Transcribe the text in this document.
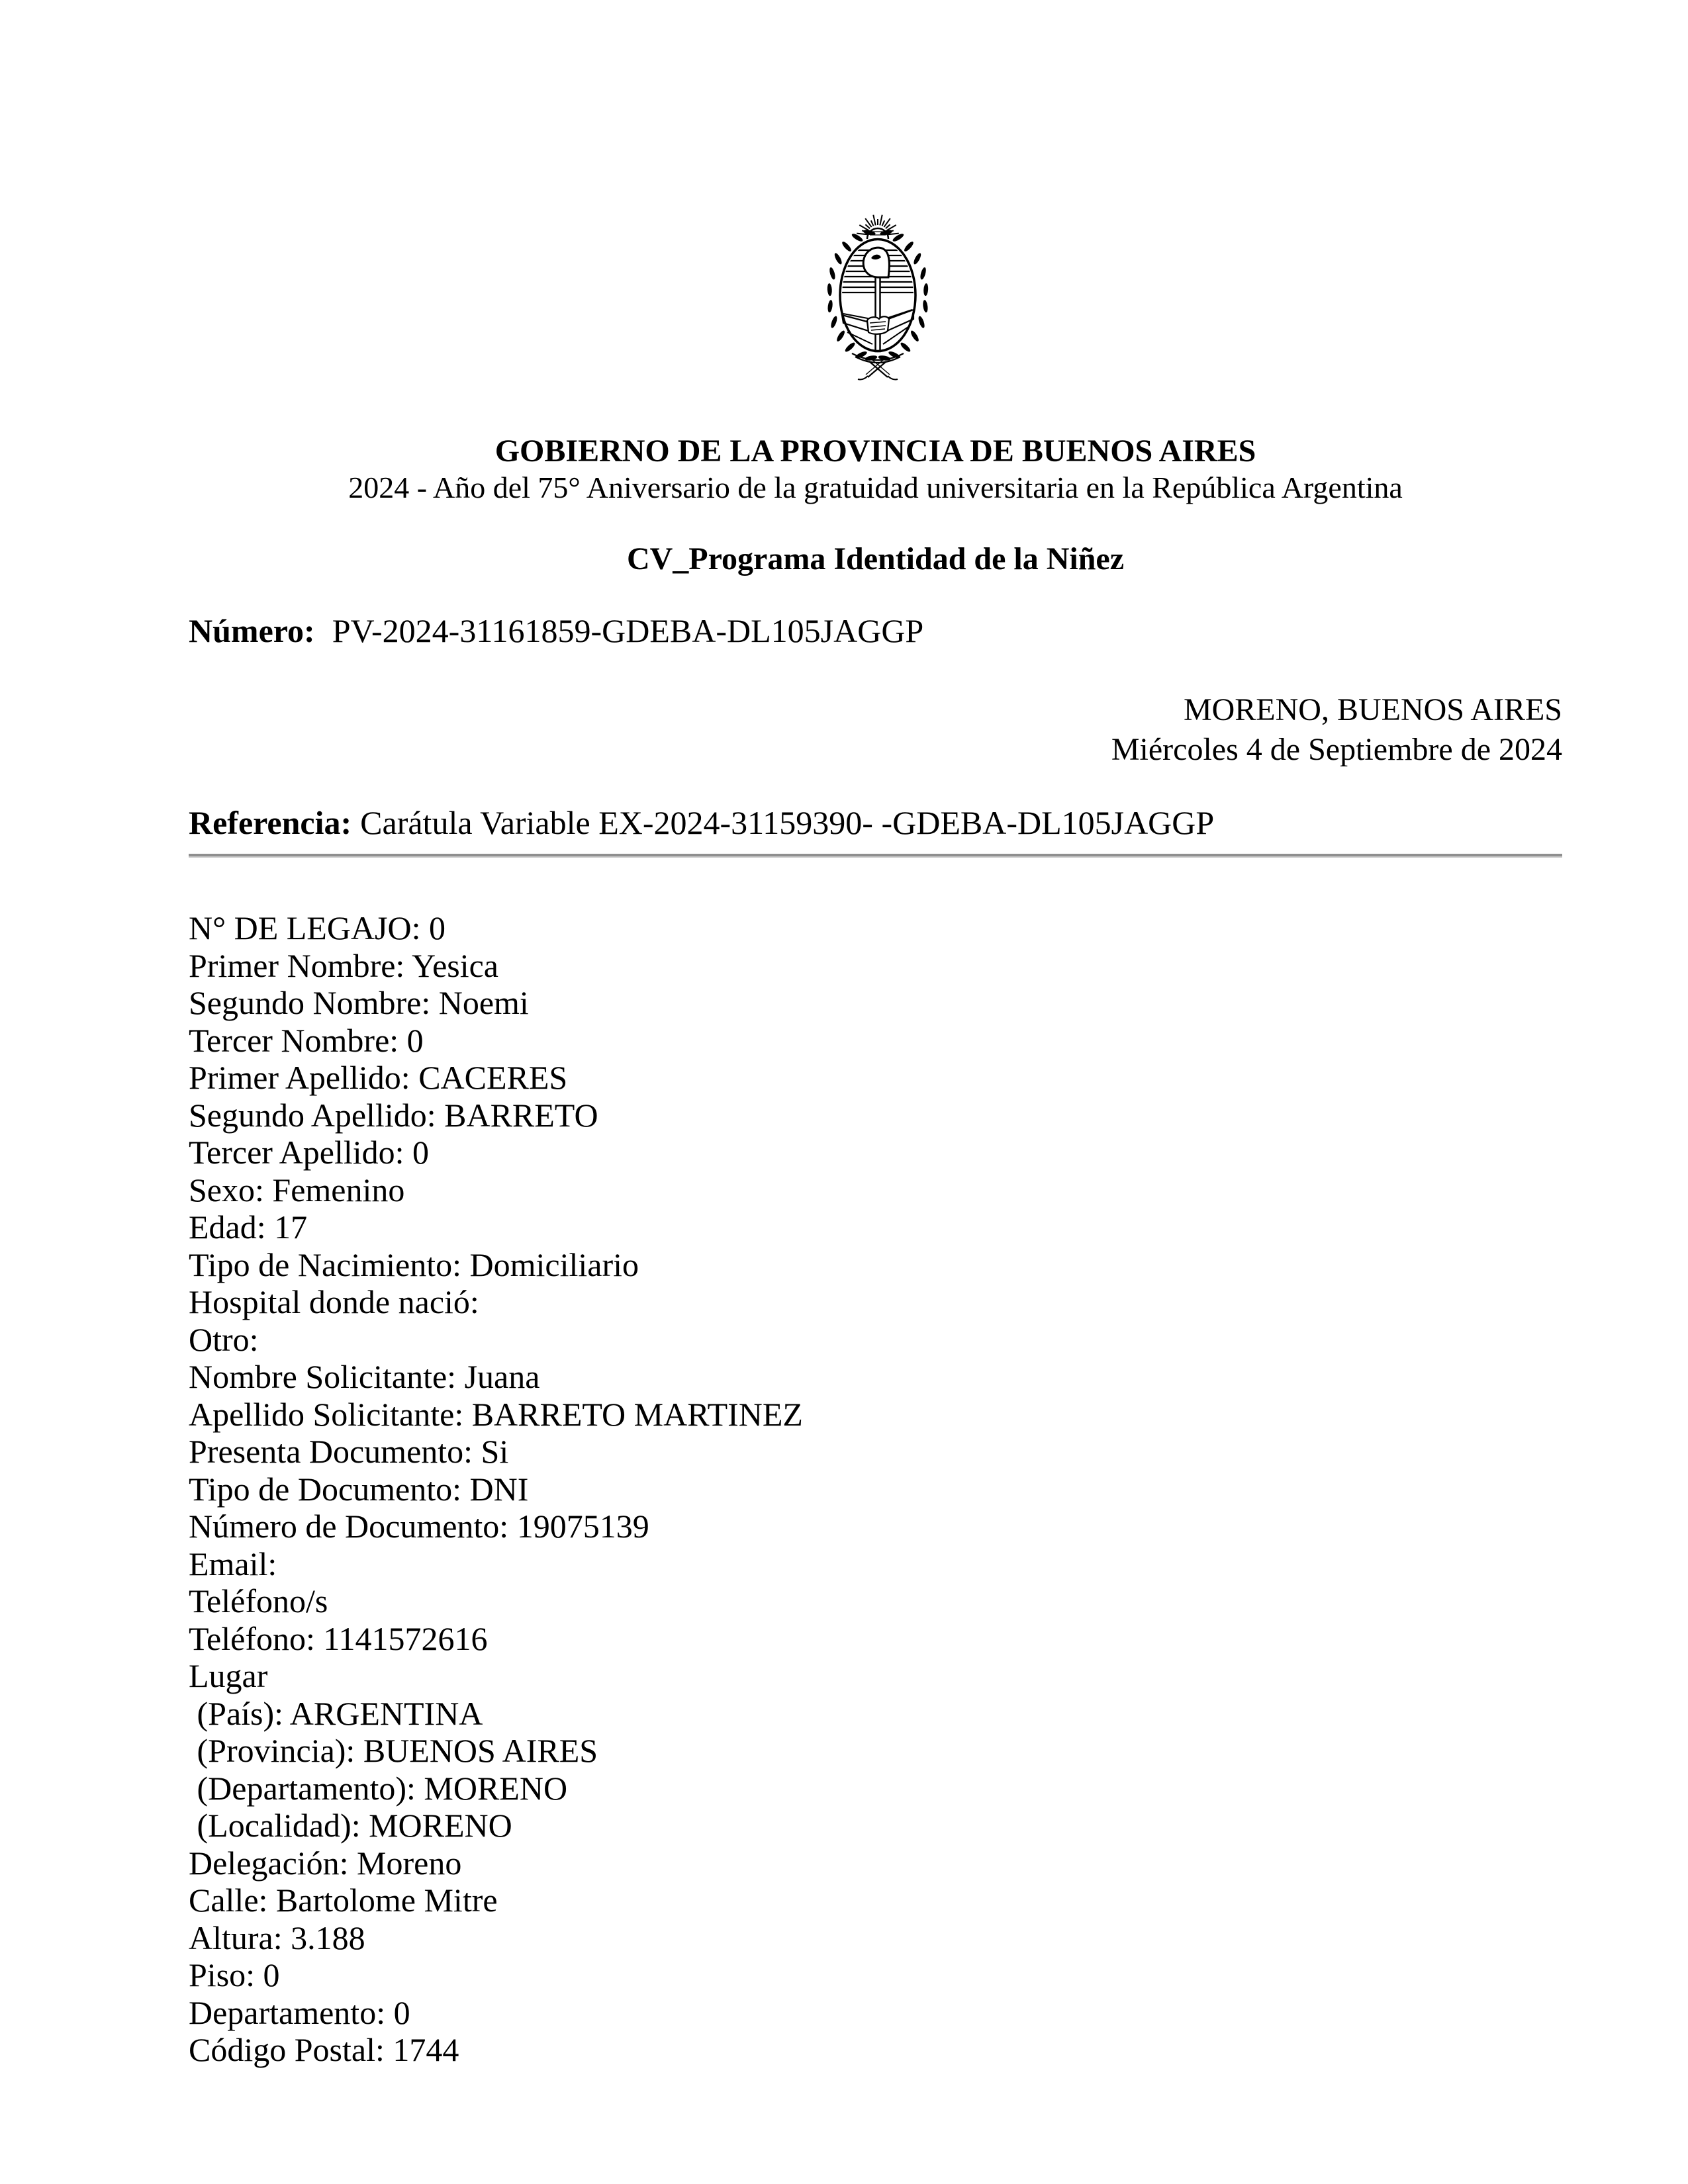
GOBIERNO DE LA PROVINCIA DE BUENOS AIRES
2024 - Año del 75° Aniversario de la gratuidad universitaria en la República Argentina
CV_Programa Identidad de la Niñez
Número: PV-2024-31161859-GDEBA-DL105JAGGP
MORENO, BUENOS AIRES
Miércoles 4 de Septiembre de 2024
Referencia: Carátula Variable EX-2024-31159390- -GDEBA-DL105JAGGP
N° DE LEGAJO: 0
Primer Nombre: Yesica
Segundo Nombre: Noemi
Tercer Nombre: 0
Primer Apellido: CACERES
Segundo Apellido: BARRETO
Tercer Apellido: 0
Sexo: Femenino
Edad: 17
Tipo de Nacimiento: Domiciliario
Hospital donde nació:
Otro:
Nombre Solicitante: Juana
Apellido Solicitante: BARRETO MARTINEZ
Presenta Documento: Si
Tipo de Documento: DNI
Número de Documento: 19075139
Email:
Teléfono/s
Teléfono: 1141572616
Lugar
(País): ARGENTINA
(Provincia): BUENOS AIRES
(Departamento): MORENO
(Localidad): MORENO
Delegación: Moreno
Calle: Bartolome Mitre
Altura: 3.188
Piso: 0
Departamento: 0
Código Postal: 1744
